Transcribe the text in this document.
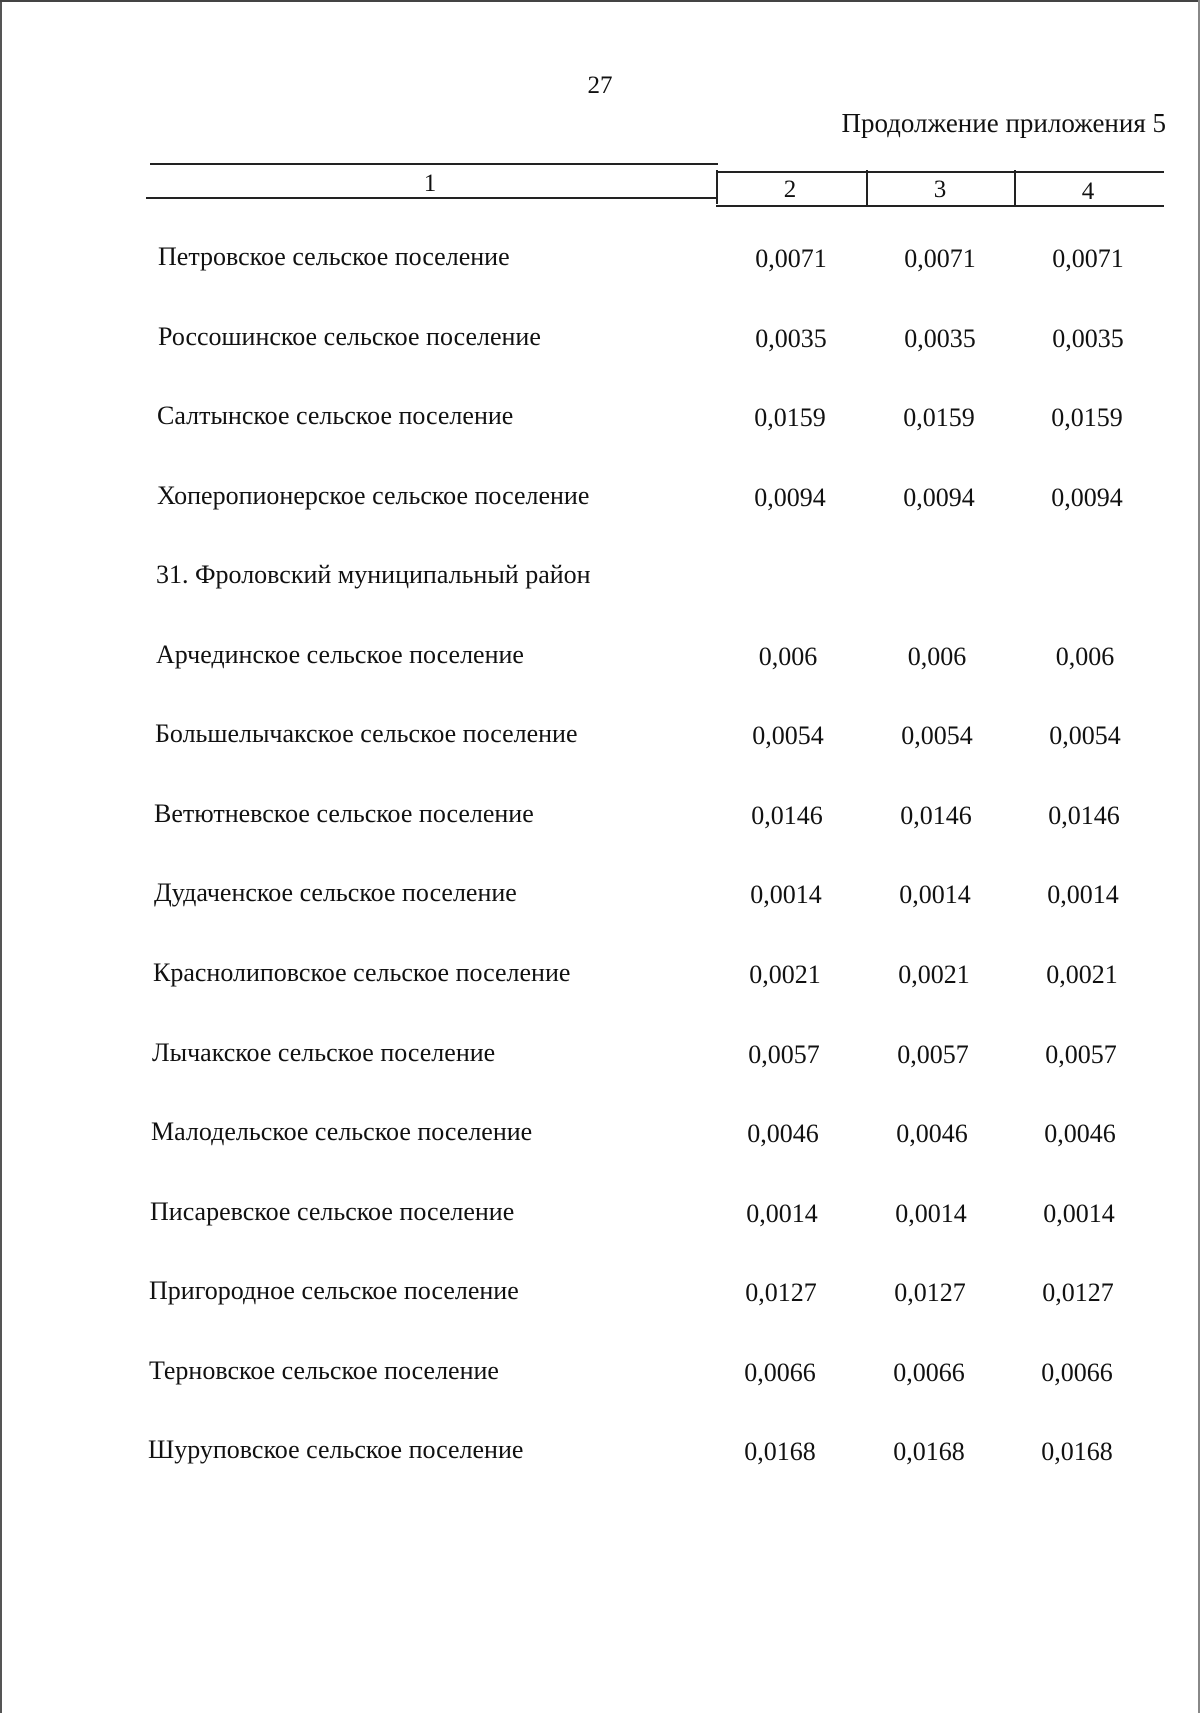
27
Продолжение приложения 5
1	2	3	4
Петровское сельское поселение	0,0071	0,0071	0,0071
Россошинское сельское поселение	0,0035	0,0035	0,0035
Салтынское сельское поселение	0,0159	0,0159	0,0159
Хоперопионерское сельское поселение	0,0094	0,0094	0,0094
31. Фроловский муниципальный район
Арчединское сельское поселение	0,006	0,006	0,006
Большелычакское сельское поселение	0,0054	0,0054	0,0054
Ветютневское сельское поселение	0,0146	0,0146	0,0146
Дудаченское сельское поселение	0,0014	0,0014	0,0014
Краснолиповское сельское поселение	0,0021	0,0021	0,0021
Лычакское сельское поселение	0,0057	0,0057	0,0057
Малодельское сельское поселение	0,0046	0,0046	0,0046
Писаревское сельское поселение	0,0014	0,0014	0,0014
Пригородное сельское поселение	0,0127	0,0127	0,0127
Терновское сельское поселение	0,0066	0,0066	0,0066
Шуруповское сельское поселение	0,0168	0,0168	0,0168
